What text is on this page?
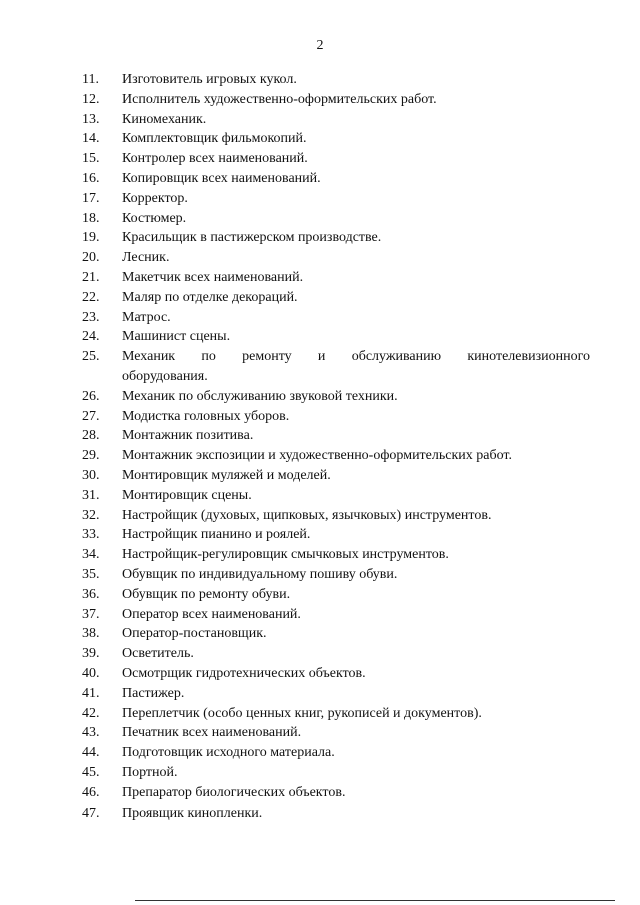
2
11.	Изготовитель игровых кукол.
12.	Исполнитель художественно-оформительских работ.
13.	Киномеханик.
14.	Комплектовщик фильмокопий.
15.	Контролер всех наименований.
16.	Копировщик всех наименований.
17.	Корректор.
18.	Костюмер.
19.	Красильщик в пастижерском производстве.
20.	Лесник.
21.	Макетчик всех наименований.
22.	Маляр по отделке декораций.
23.	Матрос.
24.	Машинист сцены.
25.	Механик по ремонту и обслуживанию кинотелевизионного
оборудования.
26.	Механик по обслуживанию звуковой техники.
27.	Модистка головных уборов.
28.	Монтажник позитива.
29.	Монтажник экспозиции и художественно-оформительских работ.
30.	Монтировщик муляжей и моделей.
31.	Монтировщик сцены.
32.	Настройщик (духовых, щипковых, язычковых) инструментов.
33.	Настройщик пианино и роялей.
34.	Настройщик-регулировщик смычковых инструментов.
35.	Обувщик по индивидуальному пошиву обуви.
36.	Обувщик по ремонту обуви.
37.	Оператор всех наименований.
38.	Оператор-постановщик.
39.	Осветитель.
40.	Осмотрщик гидротехнических объектов.
41.	Пастижер.
42.	Переплетчик (особо ценных книг, рукописей и документов).
43.	Печатник всех наименований.
44.	Подготовщик исходного материала.
45.	Портной.
46.	Препаратор биологических объектов.
47.	Проявщик кинопленки.
